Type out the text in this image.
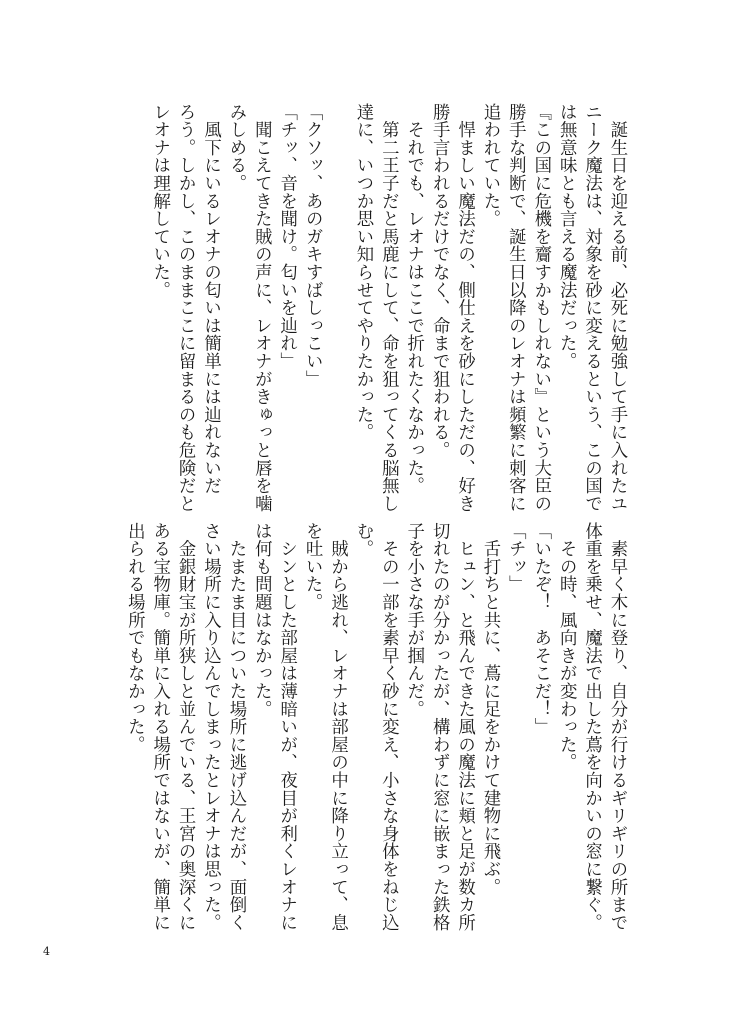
　誕生日を迎える前、必死に勉強して手に入れたユ
ニーク魔法は、対象を砂に変えるという、この国で
は無意味とも言える魔法だった。
『この国に危機を齎すかもしれない』という大臣の
勝手な判断で、誕生日以降のレオナは頻繁に刺客に
追われていた。
　悍ましい魔法だの、側仕えを砂にしただの、好き
勝手言われるだけでなく、命まで狙われる。
　それでも、レオナはここで折れたくなかった。
　第二王子だと馬鹿にして、命を狙ってくる脳無し
達に、いつか思い知らせてやりたかった。
「クソッ、あのガキすばしっこい」
「チッ、音を聞け。匂いを辿れ」
　聞こえてきた賊の声に、レオナがきゅっと唇を噛
みしめる。
　風下にいるレオナの匂いは簡単には辿れないだ
ろう。しかし、このままここに留まるのも危険だと
レオナは理解していた。
　素早く木に登り、自分が行けるギリギリの所まで
体重を乗せ、魔法で出した蔦を向かいの窓に繋ぐ。
　その時、風向きが変わった。
「いたぞ！　あそこだ！」
「チッ」
　舌打ちと共に、蔦に足をかけて建物に飛ぶ。
　ヒュン、と飛んできた風の魔法に頬と足が数カ所
切れたのが分かったが、構わずに窓に嵌まった鉄格
子を小さな手が掴んだ。
　その一部を素早く砂に変え、小さな身体をねじ込
む。
　賊から逃れ、レオナは部屋の中に降り立って、息
を吐いた。
　シンとした部屋は薄暗いが、夜目が利くレオナに
は何も問題はなかった。
　たまたま目についた場所に逃げ込んだが、面倒く
さい場所に入り込んでしまったとレオナは思った。
　金銀財宝が所狭しと並んでいる、王宮の奥深くに
ある宝物庫。簡単に入れる場所ではないが、簡単に
出られる場所でもなかった。
4
